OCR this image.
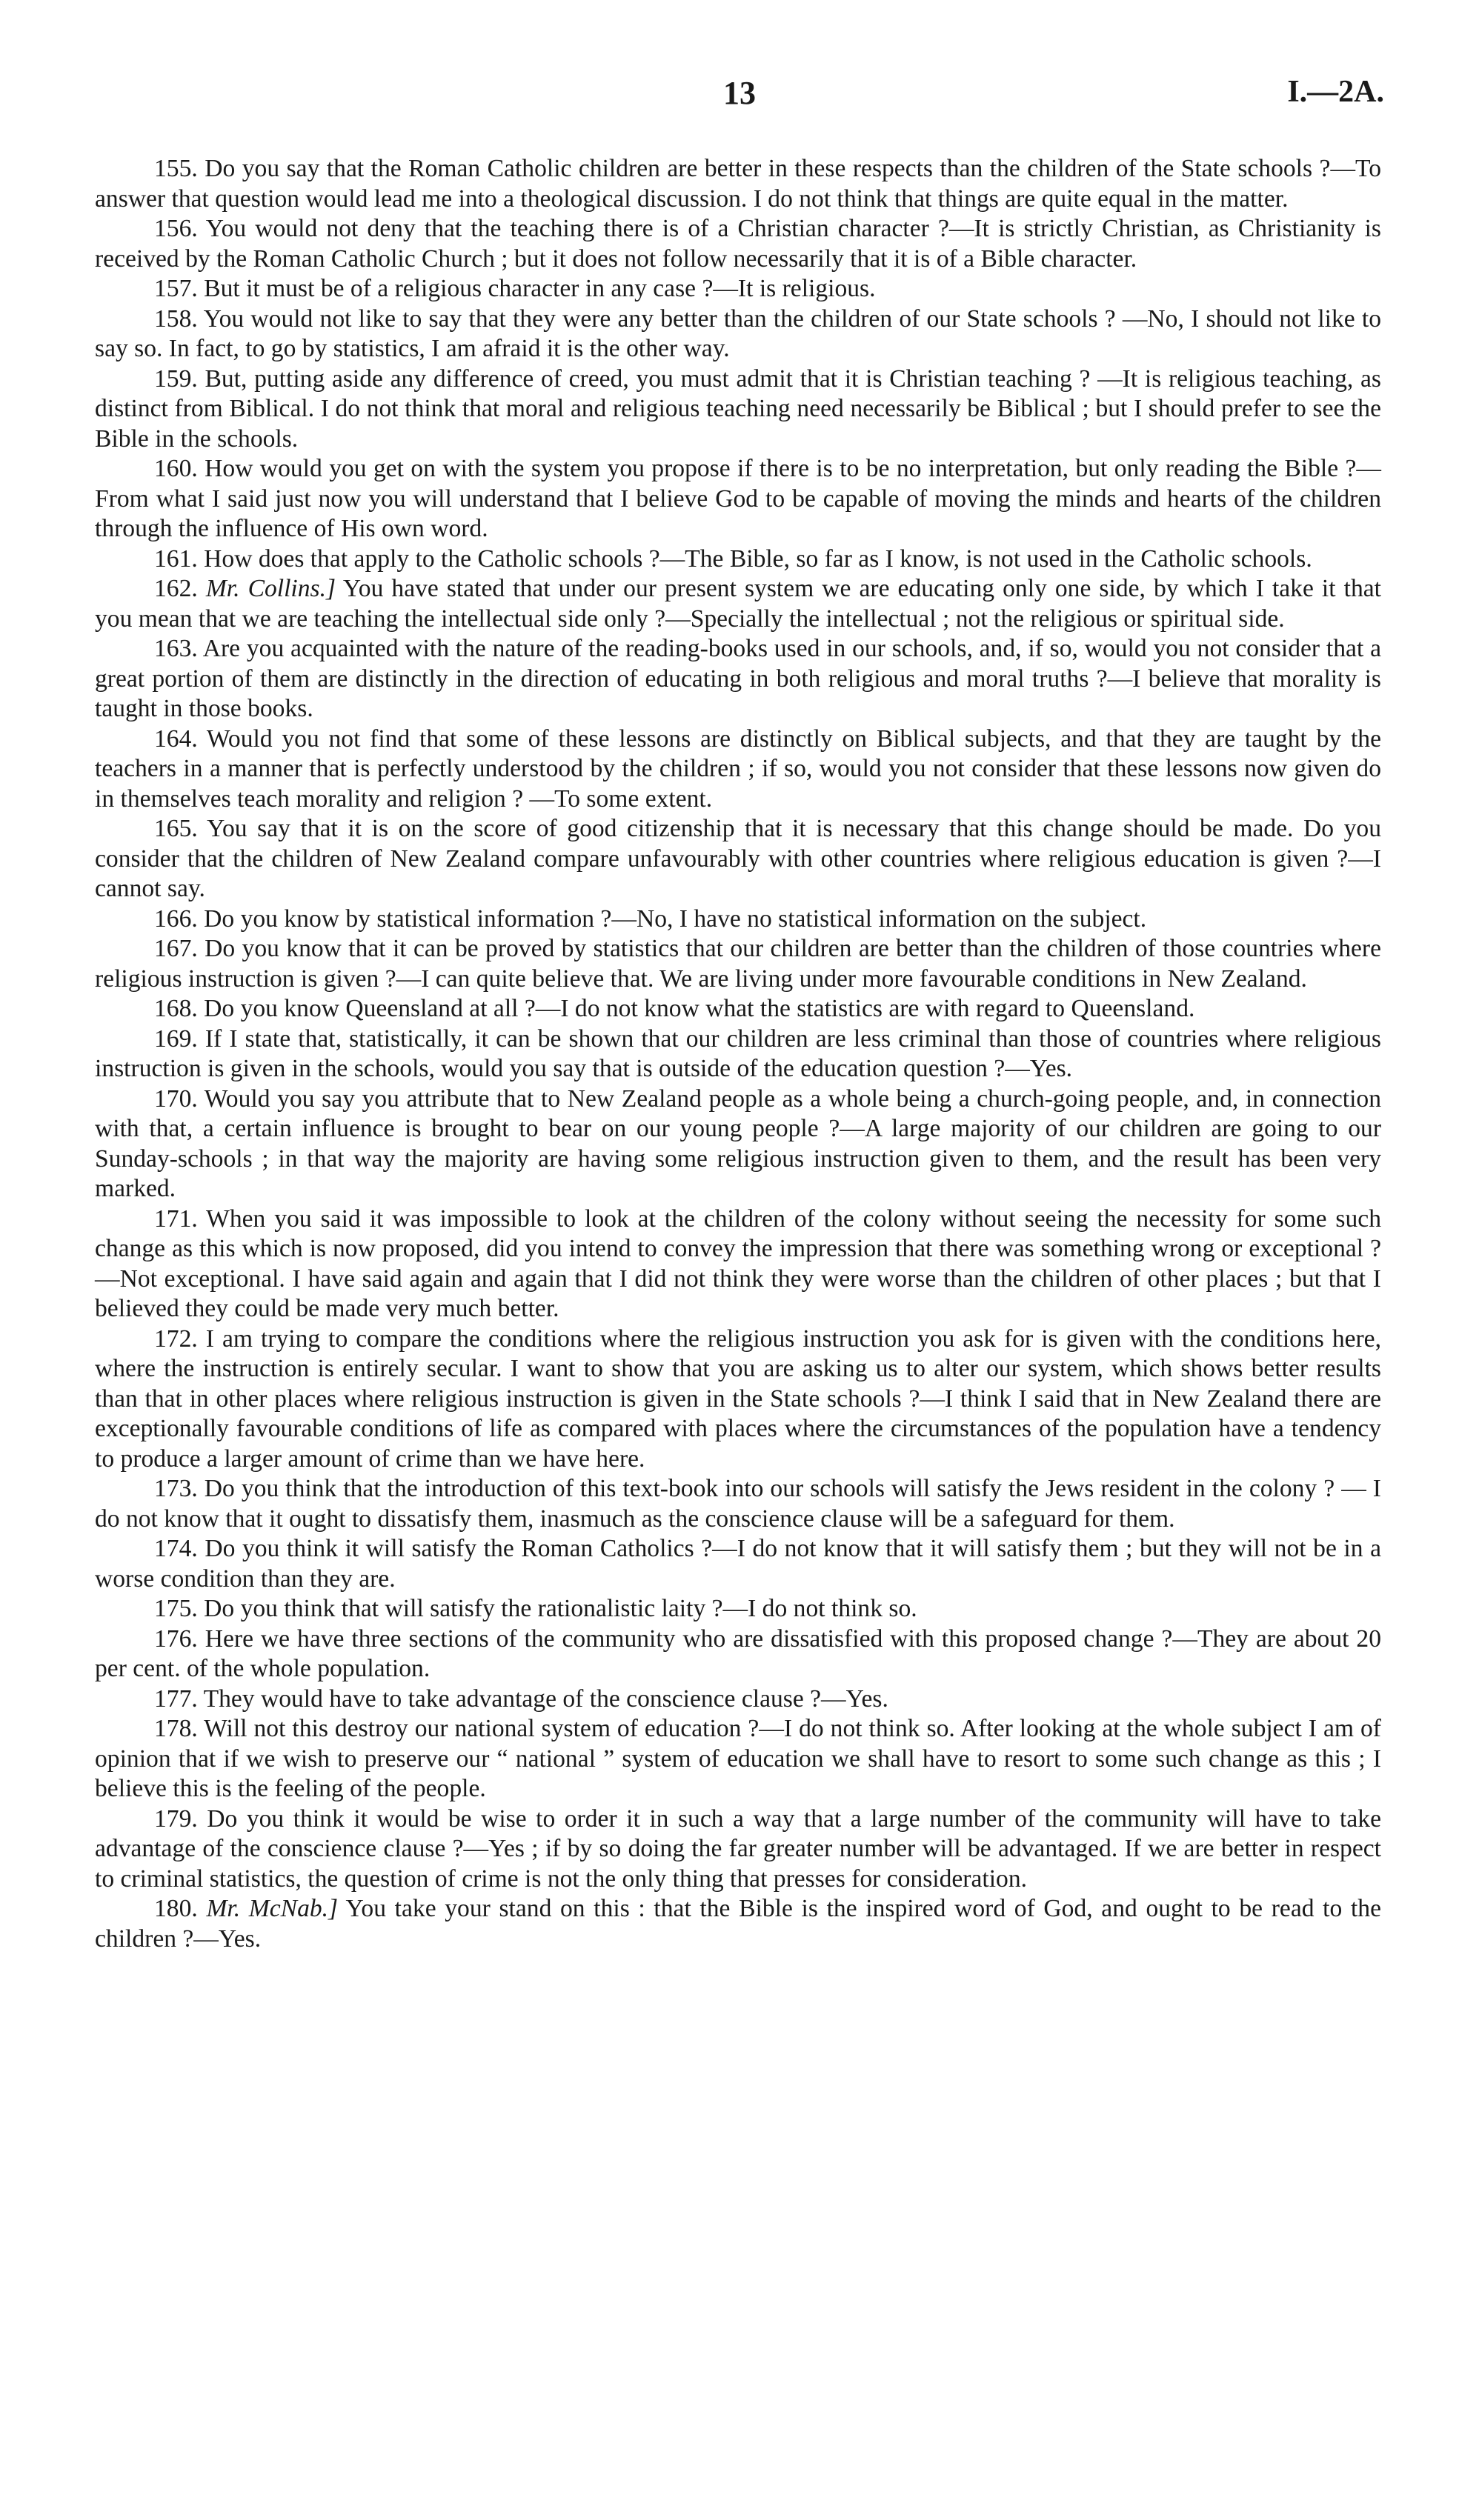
13	I.—2A.

155. Do you say that the Roman Catholic children are better in these respects than the children of the State schools ?—To answer that question would lead me into a theological discussion. I do not think that things are quite equal in the matter.

156. You would not deny that the teaching there is of a Christian character ?—It is strictly Christian, as Christianity is received by the Roman Catholic Church ; but it does not follow necessarily that it is of a Bible character.

157. But it must be of a religious character in any case ?—It is religious.

158. You would not like to say that they were any better than the children of our State schools ? —No, I should not like to say so. In fact, to go by statistics, I am afraid it is the other way.

159. But, putting aside any difference of creed, you must admit that it is Christian teaching ? —It is religious teaching, as distinct from Biblical. I do not think that moral and religious teaching need necessarily be Biblical ; but I should prefer to see the Bible in the schools.

160. How would you get on with the system you propose if there is to be no interpretation, but only reading the Bible ?—From what I said just now you will understand that I believe God to be capable of moving the minds and hearts of the children through the influence of His own word.

161. How does that apply to the Catholic schools ?—The Bible, so far as I know, is not used in the Catholic schools.

162. Mr. Collins.] You have stated that under our present system we are educating only one side, by which I take it that you mean that we are teaching the intellectual side only ?—Specially the intellectual ; not the religious or spiritual side.

163. Are you acquainted with the nature of the reading-books used in our schools, and, if so, would you not consider that a great portion of them are distinctly in the direction of educating in both religious and moral truths ?—I believe that morality is taught in those books.

164. Would you not find that some of these lessons are distinctly on Biblical subjects, and that they are taught by the teachers in a manner that is perfectly understood by the children ; if so, would you not consider that these lessons now given do in themselves teach morality and religion ? —To some extent.

165. You say that it is on the score of good citizenship that it is necessary that this change should be made. Do you consider that the children of New Zealand compare unfavourably with other countries where religious education is given ?—I cannot say.

166. Do you know by statistical information ?—No, I have no statistical information on the subject.

167. Do you know that it can be proved by statistics that our children are better than the children of those countries where religious instruction is given ?—I can quite believe that. We are living under more favourable conditions in New Zealand.

168. Do you know Queensland at all ?—I do not know what the statistics are with regard to Queensland.

169. If I state that, statistically, it can be shown that our children are less criminal than those of countries where religious instruction is given in the schools, would you say that is outside of the education question ?—Yes.

170. Would you say you attribute that to New Zealand people as a whole being a church-going people, and, in connection with that, a certain influence is brought to bear on our young people ?—A large majority of our children are going to our Sunday-schools ; in that way the majority are having some religious instruction given to them, and the result has been very marked.

171. When you said it was impossible to look at the children of the colony without seeing the necessity for some such change as this which is now proposed, did you intend to convey the impression that there was something wrong or exceptional ?—Not exceptional. I have said again and again that I did not think they were worse than the children of other places ; but that I believed they could be made very much better.

172. I am trying to compare the conditions where the religious instruction you ask for is given with the conditions here, where the instruction is entirely secular. I want to show that you are asking us to alter our system, which shows better results than that in other places where religious instruction is given in the State schools ?—I think I said that in New Zealand there are exceptionally favourable conditions of life as compared with places where the circumstances of the population have a tendency to produce a larger amount of crime than we have here.

173. Do you think that the introduction of this text-book into our schools will satisfy the Jews resident in the colony ? — I do not know that it ought to dissatisfy them, inasmuch as the conscience clause will be a safeguard for them.

174. Do you think it will satisfy the Roman Catholics ?—I do not know that it will satisfy them ; but they will not be in a worse condition than they are.

175. Do you think that will satisfy the rationalistic laity ?—I do not think so.

176. Here we have three sections of the community who are dissatisfied with this proposed change ?—They are about 20 per cent. of the whole population.

177. They would have to take advantage of the conscience clause ?—Yes.

178. Will not this destroy our national system of education ?—I do not think so. After looking at the whole subject I am of opinion that if we wish to preserve our “ national ” system of education we shall have to resort to some such change as this ; I believe this is the feeling of the people.

179. Do you think it would be wise to order it in such a way that a large number of the community will have to take advantage of the conscience clause ?—Yes ; if by so doing the far greater number will be advantaged. If we are better in respect to criminal statistics, the question of crime is not the only thing that presses for consideration.

180. Mr. McNab.] You take your stand on this : that the Bible is the inspired word of God, and ought to be read to the children ?—Yes.
